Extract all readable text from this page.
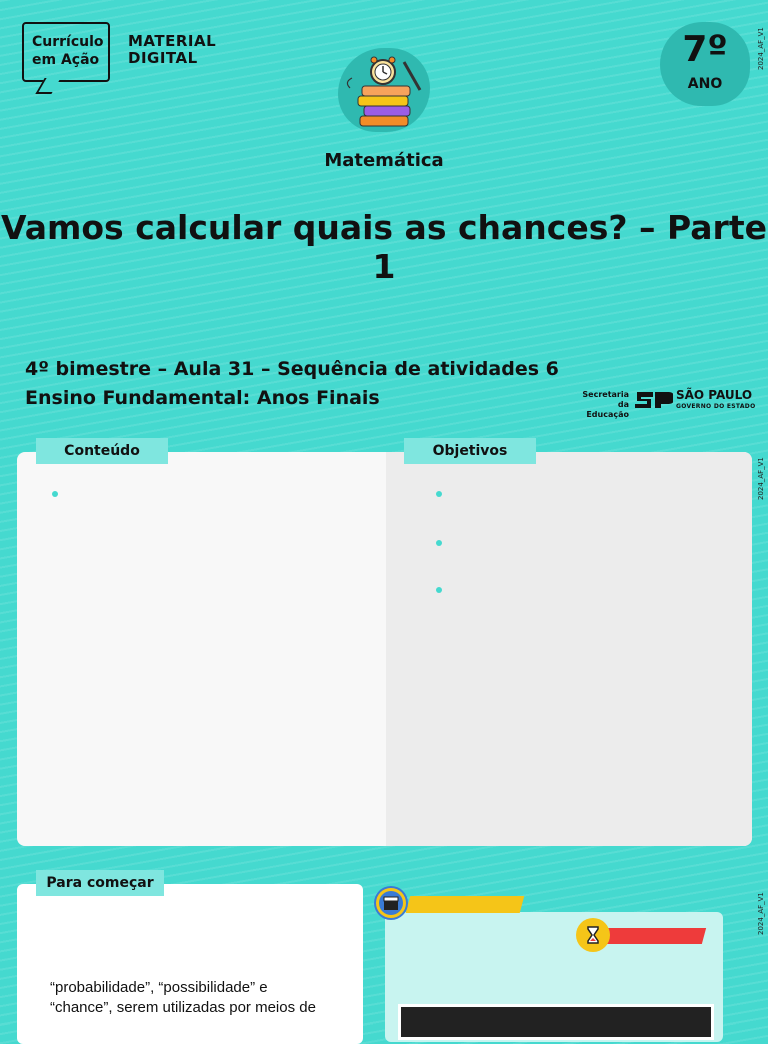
Currículo
em Ação
MATERIAL
DIGITAL
Matemática
Vamos calcular quais as chances? – Parte 1
7º
ANO
2024_AF_V1
2024_AF_V1
2024_AF_V1
4º bimestre – Aula 31 – Sequência de atividades 6
Ensino Fundamental: Anos Finais	Secretaria da
Educação
SÃO PAULO
GOVERNO DO ESTADO
Conteúdo	Objetivos
Para começar
“probabilidade”, “possibilidade” e
“chance”, serem utilizadas por meios de
